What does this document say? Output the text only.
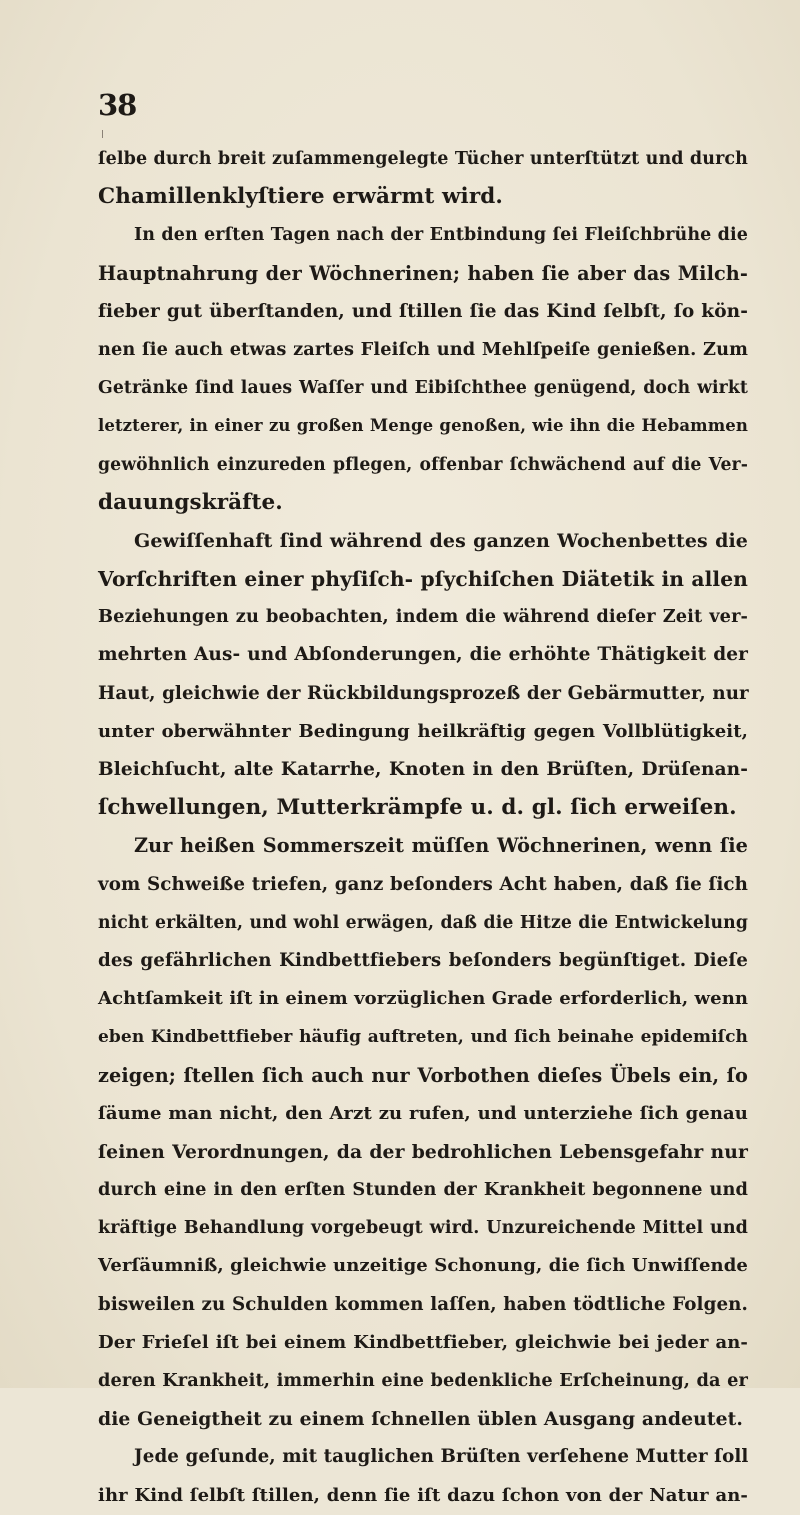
38
ſelbe durch breit zuſammengelegte Tücher unterſtützt und durch
Chamillenklyſtiere erwärmt wird.
In den erſten Tagen nach der Entbindung ſei Fleiſchbrühe die
Hauptnahrung der Wöchnerinen; haben ſie aber das Milch-
fieber gut überſtanden, und ſtillen ſie das Kind ſelbſt, ſo kön-
nen ſie auch etwas zartes Fleiſch und Mehlſpeiſe genießen. Zum
Getränke ſind laues Waſſer und Eibiſchthee genügend, doch wirkt
letzterer, in einer zu großen Menge genoßen, wie ihn die Hebammen
gewöhnlich einzureden pflegen, offenbar ſchwächend auf die Ver-
dauungskräfte.
Gewiſſenhaft ſind während des ganzen Wochenbettes die
Vorſchriften einer phyſiſch- pſychiſchen Diätetik in allen
Beziehungen zu beobachten, indem die während dieſer Zeit ver-
mehrten Aus- und Abſonderungen, die erhöhte Thätigkeit der
Haut, gleichwie der Rückbildungsprozeß der Gebärmutter, nur
unter oberwähnter Bedingung heilkräftig gegen Vollblütigkeit,
Bleichſucht, alte Katarrhe, Knoten in den Brüſten, Drüſenan-
ſchwellungen, Mutterkrämpfe u. d. gl. ſich erweiſen.
Zur heißen Sommerszeit müſſen Wöchnerinen, wenn ſie
vom Schweiße triefen, ganz beſonders Acht haben, daß ſie ſich
nicht erkälten, und wohl erwägen, daß die Hitze die Entwickelung
des gefährlichen Kindbettfiebers beſonders begünſtiget. Dieſe
Achtſamkeit iſt in einem vorzüglichen Grade erforderlich, wenn
eben Kindbettfieber häufig auftreten, und ſich beinahe epidemiſch
zeigen; ſtellen ſich auch nur Vorbothen dieſes Übels ein, ſo
ſäume man nicht, den Arzt zu rufen, und unterziehe ſich genau
ſeinen Verordnungen, da der bedrohlichen Lebensgefahr nur
durch eine in den erſten Stunden der Krankheit begonnene und
kräftige Behandlung vorgebeugt wird. Unzureichende Mittel und
Verſäumniß, gleichwie unzeitige Schonung, die ſich Unwiſſende
bisweilen zu Schulden kommen laſſen, haben tödtliche Folgen.
Der Frieſel iſt bei einem Kindbettfieber, gleichwie bei jeder an-
deren Krankheit, immerhin eine bedenkliche Erſcheinung, da er
die Geneigtheit zu einem ſchnellen üblen Ausgang andeutet.
Jede geſunde, mit tauglichen Brüſten verſehene Mutter ſoll
ihr Kind ſelbſt ſtillen, denn ſie iſt dazu ſchon von der Natur an-
